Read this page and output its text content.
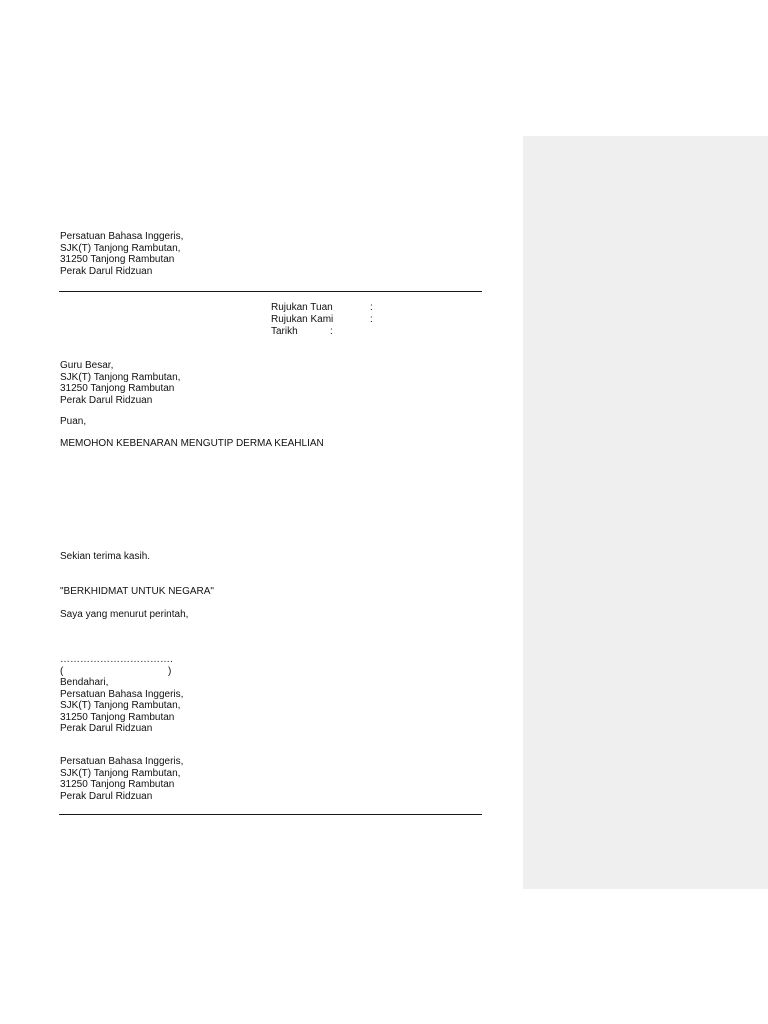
Persatuan Bahasa Inggeris,
SJK(T) Tanjong Rambutan,
31250 Tanjong Rambutan
Perak Darul Ridzuan
Guru Besar,
SJK(T) Tanjong Rambutan,
31250 Tanjong Rambutan
Perak Darul Ridzuan
Puan,
MEMOHON KEBENARAN MENGUTIP DERMA KEAHLIAN
Sekian terima kasih.
"BERKHIDMAT UNTUK NEGARA"
Saya yang menurut perintah,
…………………………….
(	)
Bendahari,
Persatuan Bahasa Inggeris,
SJK(T) Tanjong Rambutan,
31250 Tanjong Rambutan
Perak Darul Ridzuan
Persatuan Bahasa Inggeris,
SJK(T) Tanjong Rambutan,
31250 Tanjong Rambutan
Perak Darul Ridzuan
Rujukan Tuan	:
Rujukan Kami	:
Tarikh	:
